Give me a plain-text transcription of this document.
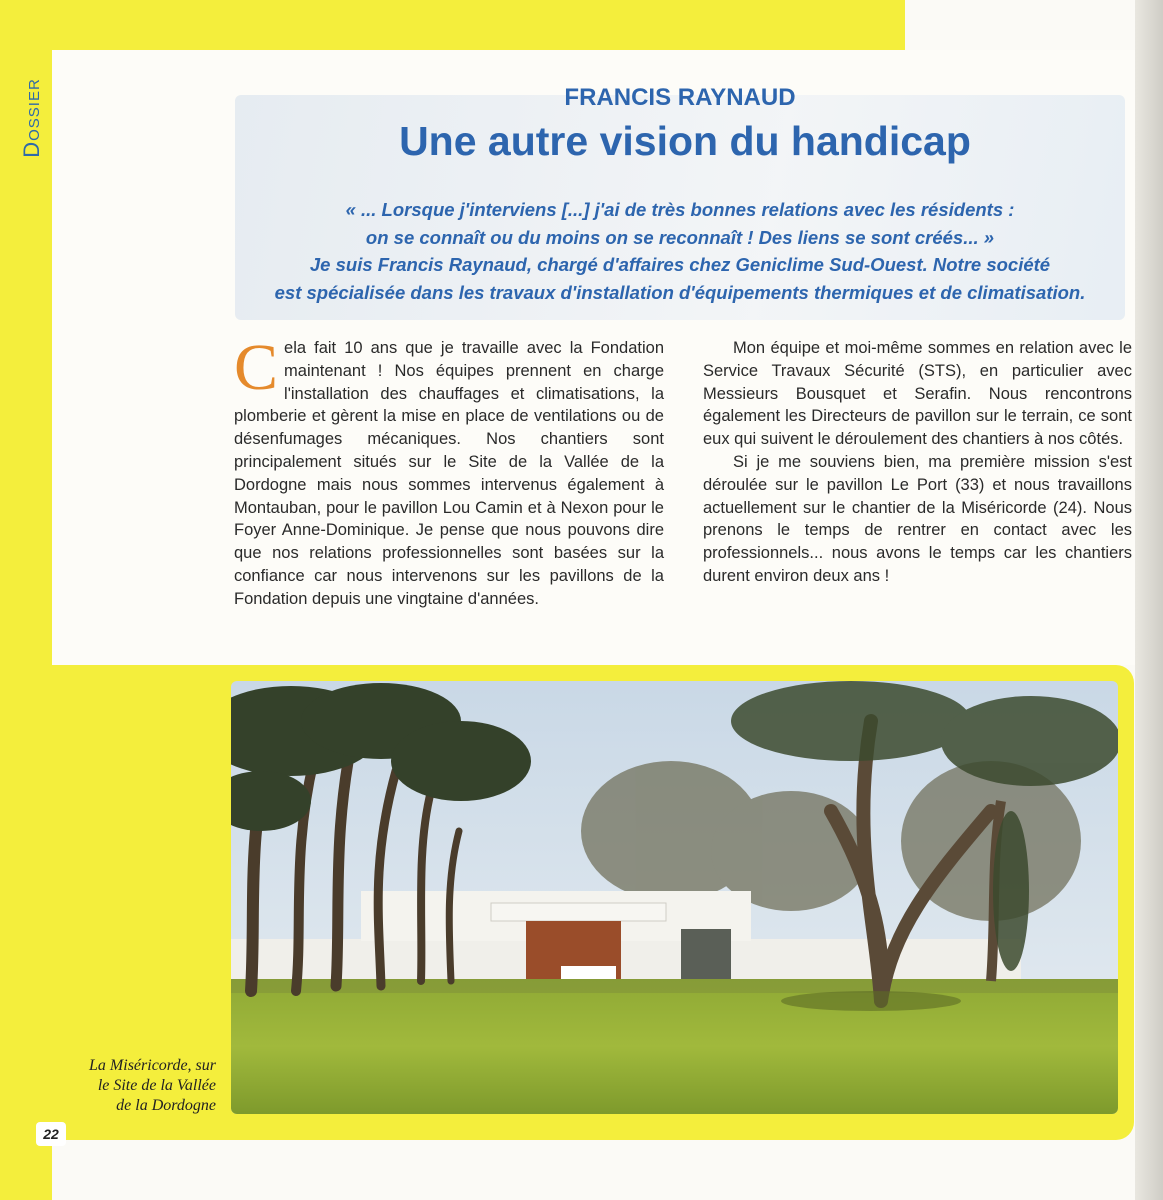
Dossier	FRANCIS RAYNAUD
Une autre vision du handicap
« ... Lorsque j'interviens [...] j'ai de très bonnes relations avec les résidents :
on se connaît ou du moins on se reconnaît ! Des liens se sont créés... »
Je suis Francis Raynaud, chargé d'affaires chez Geniclime Sud-Ouest. Notre société
est spécialisée dans les travaux d'installation d'équipements thermiques et de climatisation.
C ela fait 10 ans que je travaille avec la Fondation maintenant ! Nos équipes prennent en charge l'installation des chauffages et climatisations, la plomberie et gèrent la mise en place de ventilations ou de désenfumages mécaniques. Nos chantiers sont principalement situés sur le Site de la Vallée de la Dordogne mais nous sommes intervenus également à Montauban, pour le pavillon Lou Camin et à Nexon pour le Foyer Anne-Dominique. Je pense que nous pouvons dire que nos relations professionnelles sont basées sur la confiance car nous intervenons sur les pavillons de la Fondation depuis une vingtaine d'années.

Mon équipe et moi-même sommes en relation avec le Service Travaux Sécurité (STS), en particulier avec Messieurs Bousquet et Serafin. Nous rencontrons également les Directeurs de pavillon sur le terrain, ce sont eux qui suivent le déroulement des chantiers à nos côtés.

Si je me souviens bien, ma première mission s'est déroulée sur le pavillon Le Port (33) et nous travaillons actuellement sur le chantier de la Miséricorde (24). Nous prenons le temps de rentrer en contact avec les professionnels... nous avons le temps car les chantiers durent environ deux ans !

La Miséricorde, sur
le Site de la Vallée
de la Dordogne
22
